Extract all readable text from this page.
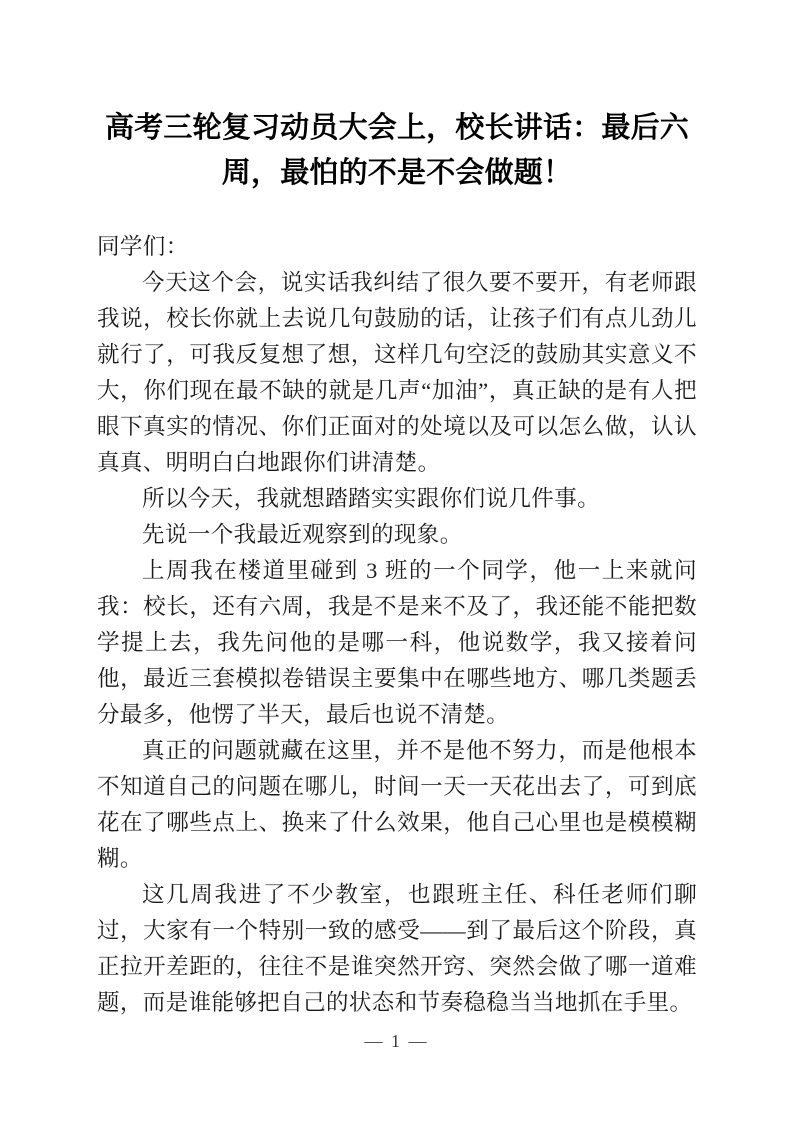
高考三轮复习动员大会上，校长讲话：最后六周，最怕的不是不会做题！

同学们：

今天这个会，说实话我纠结了很久要不要开，有老师跟我说，校长你就上去说几句鼓励的话，让孩子们有点儿劲儿就行了，可我反复想了想，这样几句空泛的鼓励其实意义不大，你们现在最不缺的就是几声“加油”，真正缺的是有人把眼下真实的情况、你们正面对的处境以及可以怎么做，认认真真、明明白白地跟你们讲清楚。

所以今天，我就想踏踏实实跟你们说几件事。

先说一个我最近观察到的现象。

上周我在楼道里碰到 3 班的一个同学，他一上来就问我：校长，还有六周，我是不是来不及了，我还能不能把数学提上去，我先问他的是哪一科，他说数学，我又接着问他，最近三套模拟卷错误主要集中在哪些地方、哪几类题丢分最多，他愣了半天，最后也说不清楚。

真正的问题就藏在这里，并不是他不努力，而是他根本不知道自己的问题在哪儿，时间一天一天花出去了，可到底花在了哪些点上、换来了什么效果，他自己心里也是模模糊糊。

这几周我进了不少教室，也跟班主任、科任老师们聊过，大家有一个特别一致的感受——到了最后这个阶段，真正拉开差距的，往往不是谁突然开窍、突然会做了哪一道难题，而是谁能够把自己的状态和节奏稳稳当当地抓在手里。

— 1 —
